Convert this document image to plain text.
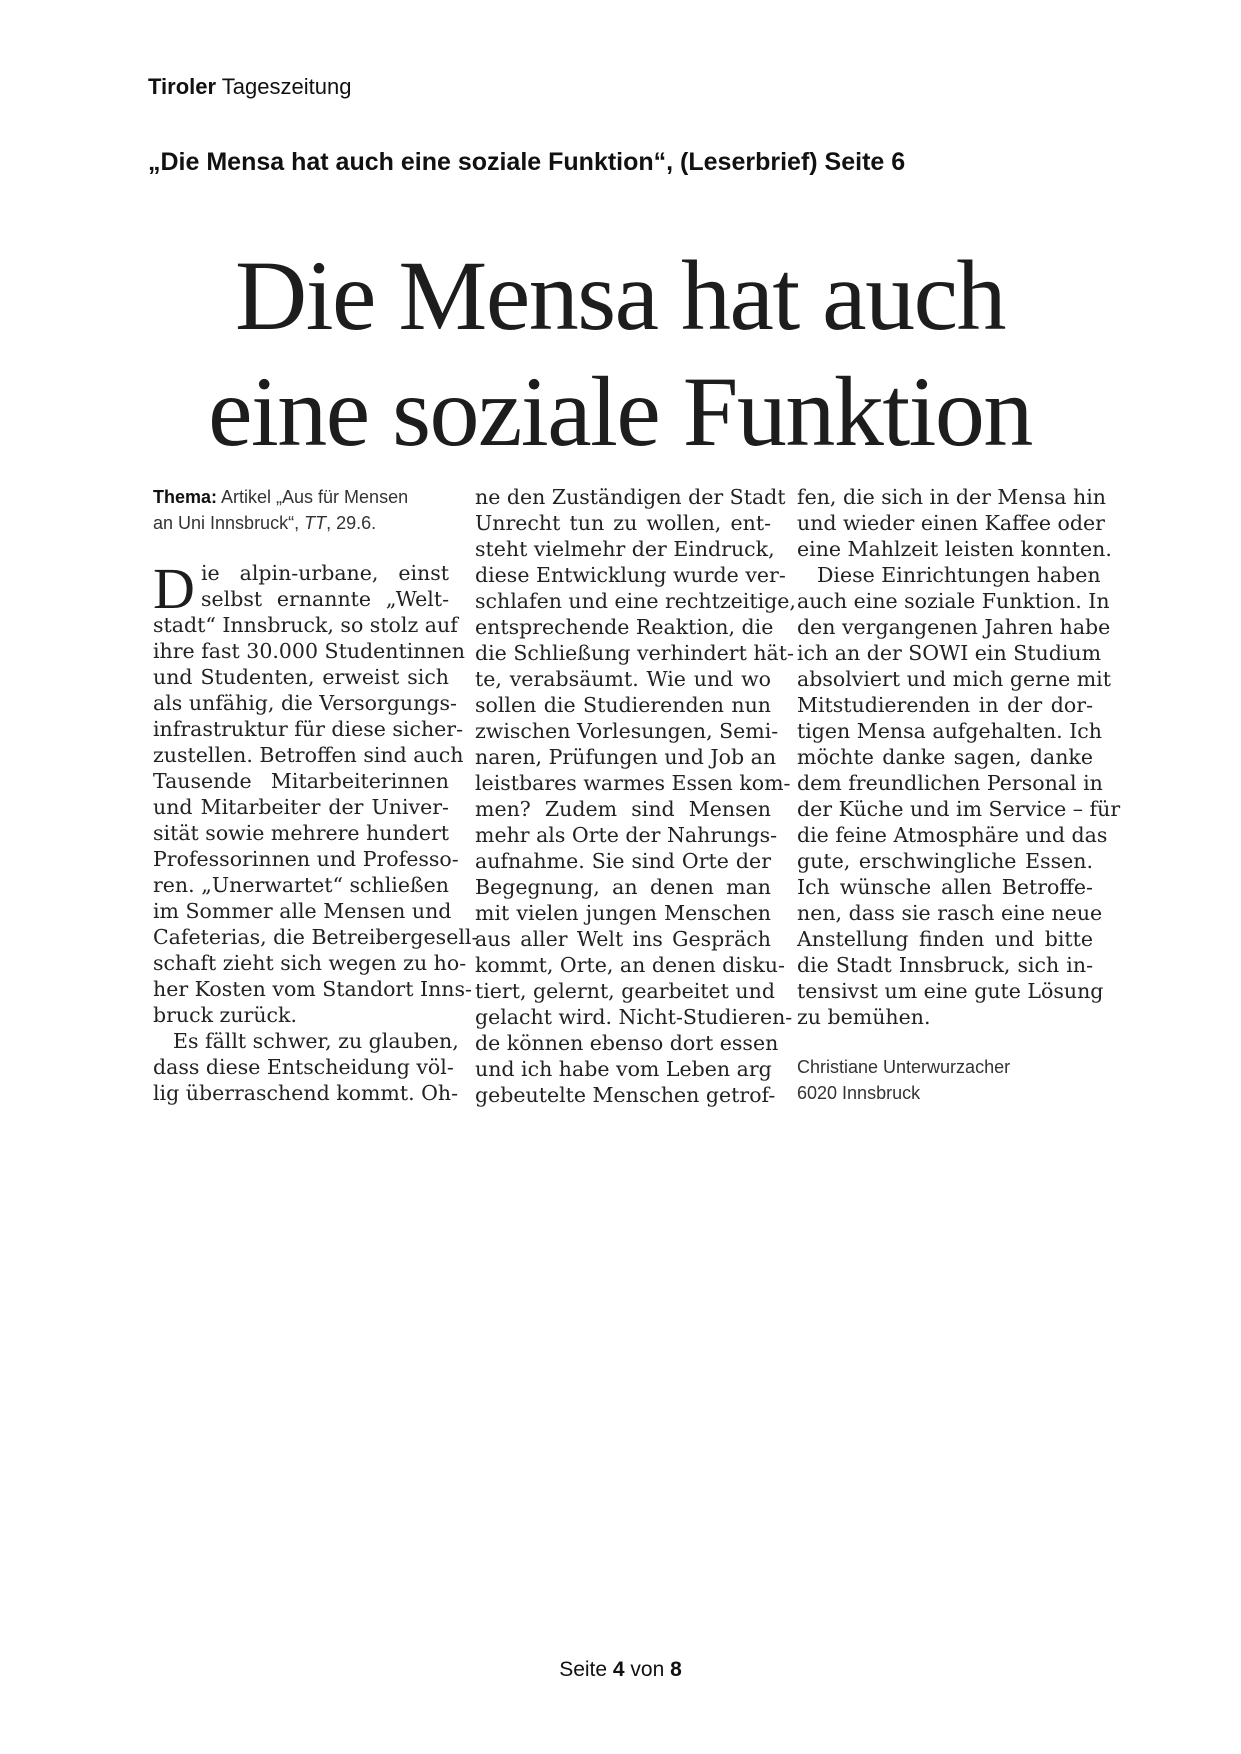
Tiroler Tageszeitung
„Die Mensa hat auch eine soziale Funktion“, (Leserbrief) Seite 6
Die Mensa hat auch
eine soziale Funktion
Thema: Artikel „Aus für Mensen
an Uni Innsbruck“, TT, 29.6.
D ie alpin-urbane, einst
selbst ernannte „Welt-
stadt“ Innsbruck, so stolz auf
ihre fast 30.000 Studentinnen
und Studenten, erweist sich
als unfähig, die Versorgungs-
infrastruktur für diese sicher-
zustellen. Betroffen sind auch
Tausende Mitarbeiterinnen
und Mitarbeiter der Univer-
sität sowie mehrere hundert
Professorinnen und Professo-
ren. „Unerwartet“ schließen
im Sommer alle Mensen und
Cafeterias, die Betreibergesell-
schaft zieht sich wegen zu ho-
her Kosten vom Standort Inns-
bruck zurück.
Es fällt schwer, zu glauben,
dass diese Entscheidung völ-
lig überraschend kommt. Oh-
ne den Zuständigen der Stadt
Unrecht tun zu wollen, ent-
steht vielmehr der Eindruck,
diese Entwicklung wurde ver-
schlafen und eine rechtzeitige,
entsprechende Reaktion, die
die Schließung verhindert hät-
te, verabsäumt. Wie und wo
sollen die Studierenden nun
zwischen Vorlesungen, Semi-
naren, Prüfungen und Job an
leistbares warmes Essen kom-
men? Zudem sind Mensen
mehr als Orte der Nahrungs-
aufnahme. Sie sind Orte der
Begegnung, an denen man
mit vielen jungen Menschen
aus aller Welt ins Gespräch
kommt, Orte, an denen disku-
tiert, gelernt, gearbeitet und
gelacht wird. Nicht-Studieren-
de können ebenso dort essen
und ich habe vom Leben arg
gebeutelte Menschen getrof-
fen, die sich in der Mensa hin
und wieder einen Kaffee oder
eine Mahlzeit leisten konnten.
Diese Einrichtungen haben
auch eine soziale Funktion. In
den vergangenen Jahren habe
ich an der SOWI ein Studium
absolviert und mich gerne mit
Mitstudierenden in der dor-
tigen Mensa aufgehalten. Ich
möchte danke sagen, danke
dem freundlichen Personal in
der Küche und im Service – für
die feine Atmosphäre und das
gute, erschwingliche Essen.
Ich wünsche allen Betroffe-
nen, dass sie rasch eine neue
Anstellung finden und bitte
die Stadt Innsbruck, sich in-
tensivst um eine gute Lösung
zu bemühen.
Christiane Unterwurzacher
6020 Innsbruck
Seite 4 von 8
